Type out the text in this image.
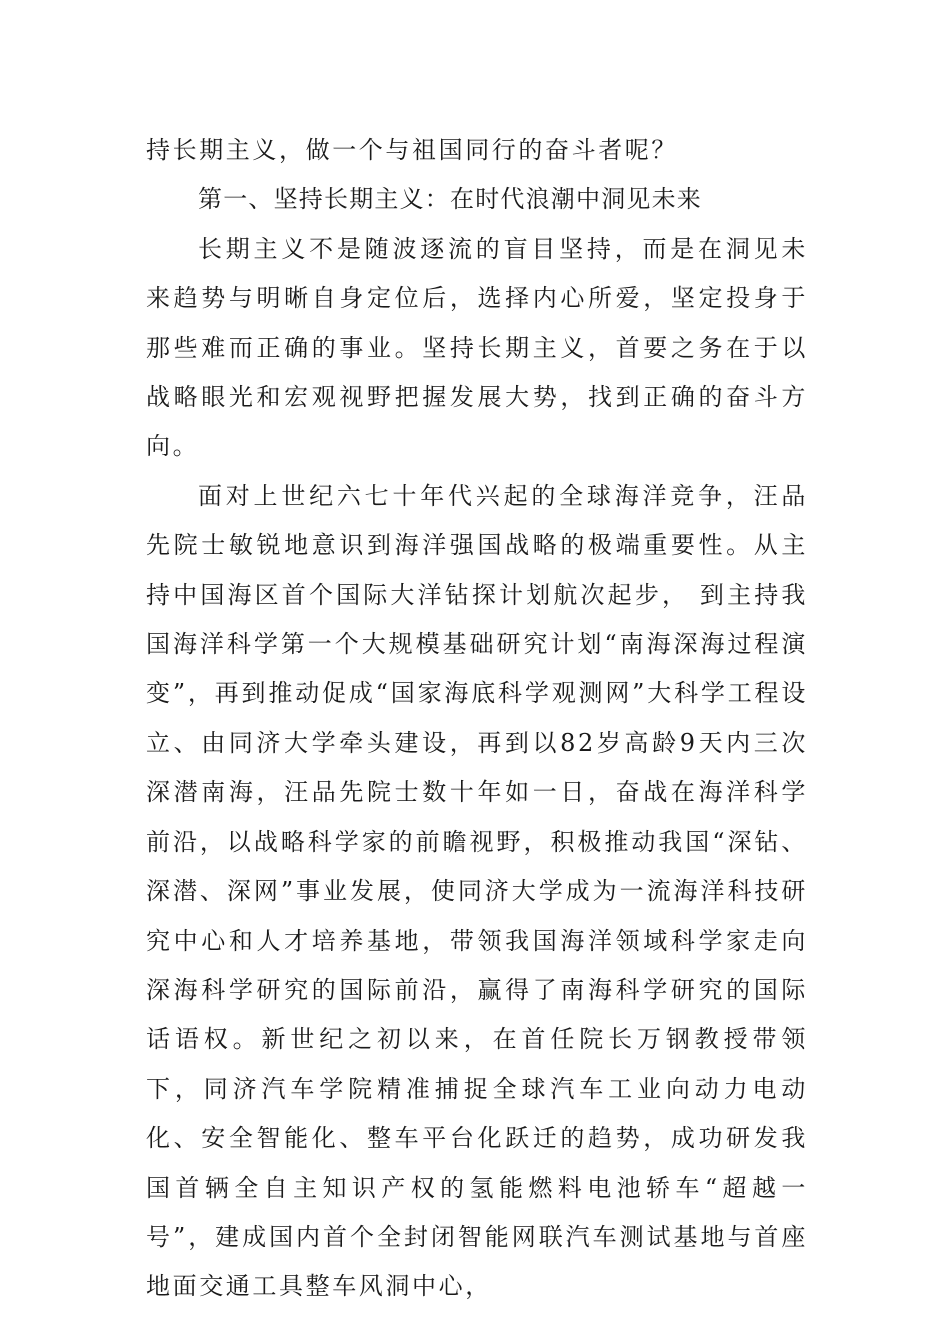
持长期主义，做一个与祖国同行的奋斗者呢？

第一、坚持长期主义：在时代浪潮中洞见未来

长期主义不是随波逐流的盲目坚持，而是在洞见未来趋势与明晰自身定位后，选择内心所爱，坚定投身于那些难而正确的事业。坚持长期主义，首要之务在于以战略眼光和宏观视野把握发展大势，找到正确的奋斗方向。

面对上世纪六七十年代兴起的全球海洋竞争，汪品先院士敏锐地意识到海洋强国战略的极端重要性。从主持中国海区首个国际大洋钻探计划航次起步， 到主持我国海洋科学第一个大规模基础研究计划“南海深海过程演变”，再到推动促成“国家海底科学观测网”大科学工程设立、由同济大学牵头建设，再到以82岁高龄9天内三次深潜南海，汪品先院士数十年如一日，奋战在海洋科学前沿，以战略科学家的前瞻视野，积极推动我国“深钻、深潜、深网”事业发展，使同济大学成为一流海洋科技研究中心和人才培养基地，带领我国海洋领域科学家走向深海科学研究的国际前沿，赢得了南海科学研究的国际话语权。新世纪之初以来，在首任院长万钢教授带领下，同济汽车学院精准捕捉全球汽车工业向动力电动化、安全智能化、整车平台化跃迁的趋势，成功研发我国首辆全自主知识产权的氢能燃料电池轿车“超越一号”，建成国内首个全封闭智能网联汽车测试基地与首座地面交通工具整车风洞中心，
